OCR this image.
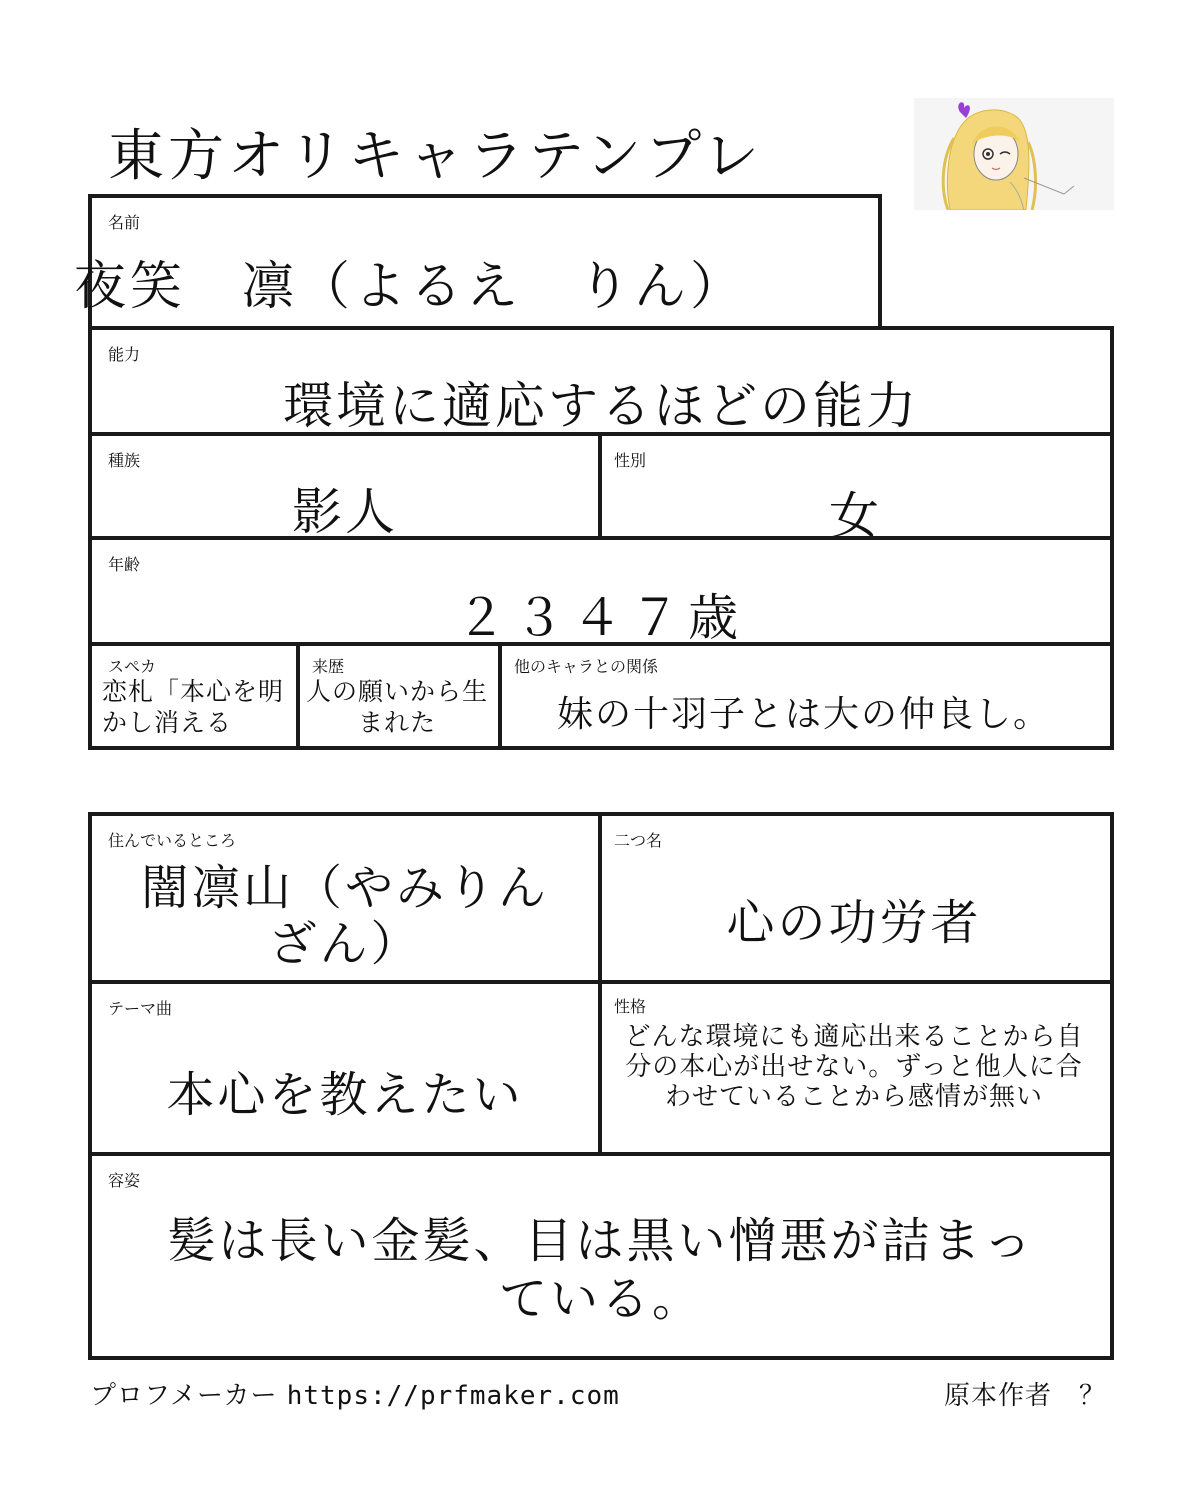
東方オリキャラテンプレ
名前
夜笑　凛（よるえ　りん）
能力
環境に適応するほどの能力
種族
影人
性別
女
年齢
２３４７歳
スペカ
恋札「本心を明かし消える
来歴
人の願いから生まれた
他のキャラとの関係
妹の十羽子とは大の仲良し。
住んでいるところ
闇凛山（やみりんざん）
二つ名
心の功労者
テーマ曲
本心を教えたい
性格
どんな環境にも適応出来ることから自分の本心が出せない。ずっと他人に合わせていることから感情が無い
容姿
髪は長い金髪、目は黒い憎悪が詰まっている。
プロフメーカー https://prfmaker.com	原本作者　？
